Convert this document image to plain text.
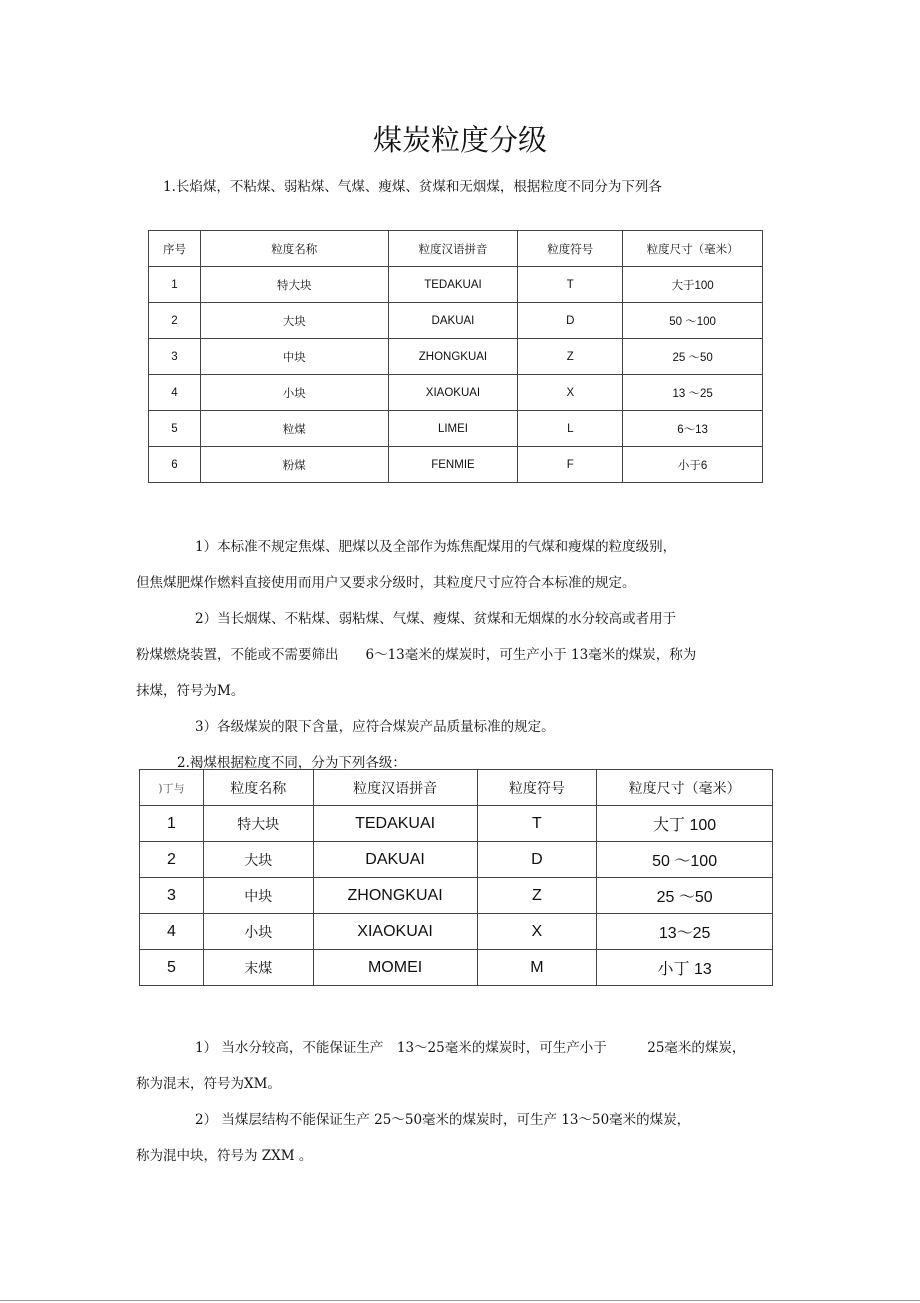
煤炭粒度分级
1.长焰煤，不粘煤、弱粘煤、气煤、瘦煤、贫煤和无烟煤，根据粒度不同分为下列各
序号	粒度名称	粒度汉语拼音	粒度符号	粒度尺寸（毫米）
1	特大块	TEDAKUAI	T	大于100
2	大块	DAKUAI	D	50 ～100
3	中块	ZHONGKUAI	Z	25 ～50
4	小块	XIAOKUAI	X	13 ～25
5	粒煤	LIMEI	L	6～13
6	粉煤	FENMIE	F	小于6
1）本标准不规定焦煤、肥煤以及全部作为炼焦配煤用的气煤和瘦煤的粒度级别，
但焦煤肥煤作燃料直接使用而用户又要求分级时，其粒度尺寸应符合本标准的规定。
2）当长烟煤、不粘煤、弱粘煤、气煤、瘦煤、贫煤和无烟煤的水分较高或者用于
粉煤燃烧装置，不能或不需要筛出　　6～13毫米的煤炭时，可生产小于 13毫米的煤炭，称为
抹煤，符号为M。
3）各级煤炭的限下含量，应符合煤炭产品质量标准的规定。
2.褐煤根据粒度不同，分为下列各级：
)丁与	粒度名称	粒度汉语拼音	粒度符号	粒度尺寸（毫米）
1	特大块	TEDAKUAI	T	大丁 100
2	大块	DAKUAI	D	50 ～100
3	中块	ZHONGKUAI	Z	25 ～50
4	小块	XIAOKUAI	X	13～25
5	末煤	MOMEI	M	小丁 13
1） 当水分较高，不能保证生产　13～25毫米的煤炭时，可生产小于　　　25毫米的煤炭，
称为混末，符号为XM。
2） 当煤层结构不能保证生产 25～50毫米的煤炭时，可生产 13～50毫米的煤炭，
称为混中块，符号为 ZXM 。
